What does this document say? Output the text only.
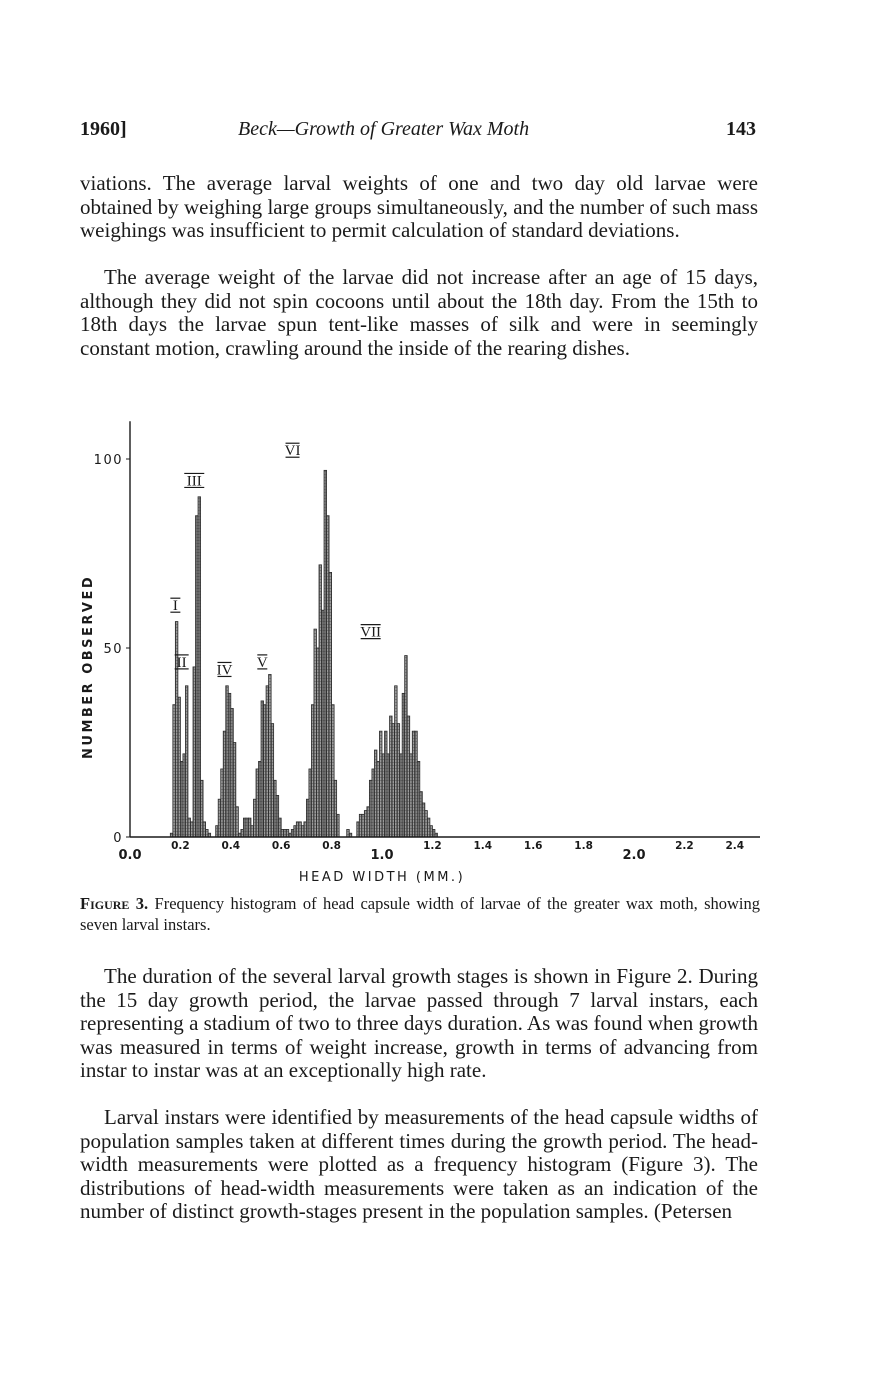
1960]	Beck—Growth of Greater Wax Moth	143

viations. The average larval weights of one and two day old larvae were obtained by weighing large groups simultaneously, and the number of such mass weighings was insufficient to permit calculation of standard deviations.

The average weight of the larvae did not increase after an age of 15 days, although they did not spin cocoons until about the 18th day. From the 15th to 18th days the larvae spun tent-like masses of silk and were in seemingly constant motion, crawling around the inside of the rearing dishes.

0
50
100
0.0
0.2	0.4	0.6	0.8
1.0
1.2	1.4	1.6	1.8
2.0
2.2	2.4
HEAD WIDTH (MM.)
NUMBER OBSERVED	I
II
III
IV V
VI
VII

Figure 3. Frequency histogram of head capsule width of larvae of the greater wax moth, showing seven larval instars.

The duration of the several larval growth stages is shown in Figure 2. During the 15 day growth period, the larvae passed through 7 larval instars, each representing a stadium of two to three days duration. As was found when growth was measured in terms of weight increase, growth in terms of advancing from instar to instar was at an exceptionally high rate.

Larval instars were identified by measurements of the head capsule widths of population samples taken at different times during the growth period. The head-width measurements were plotted as a frequency histogram (Figure 3). The distributions of head-width measurements were taken as an indication of the number of distinct growth-stages present in the population samples. (Petersen
